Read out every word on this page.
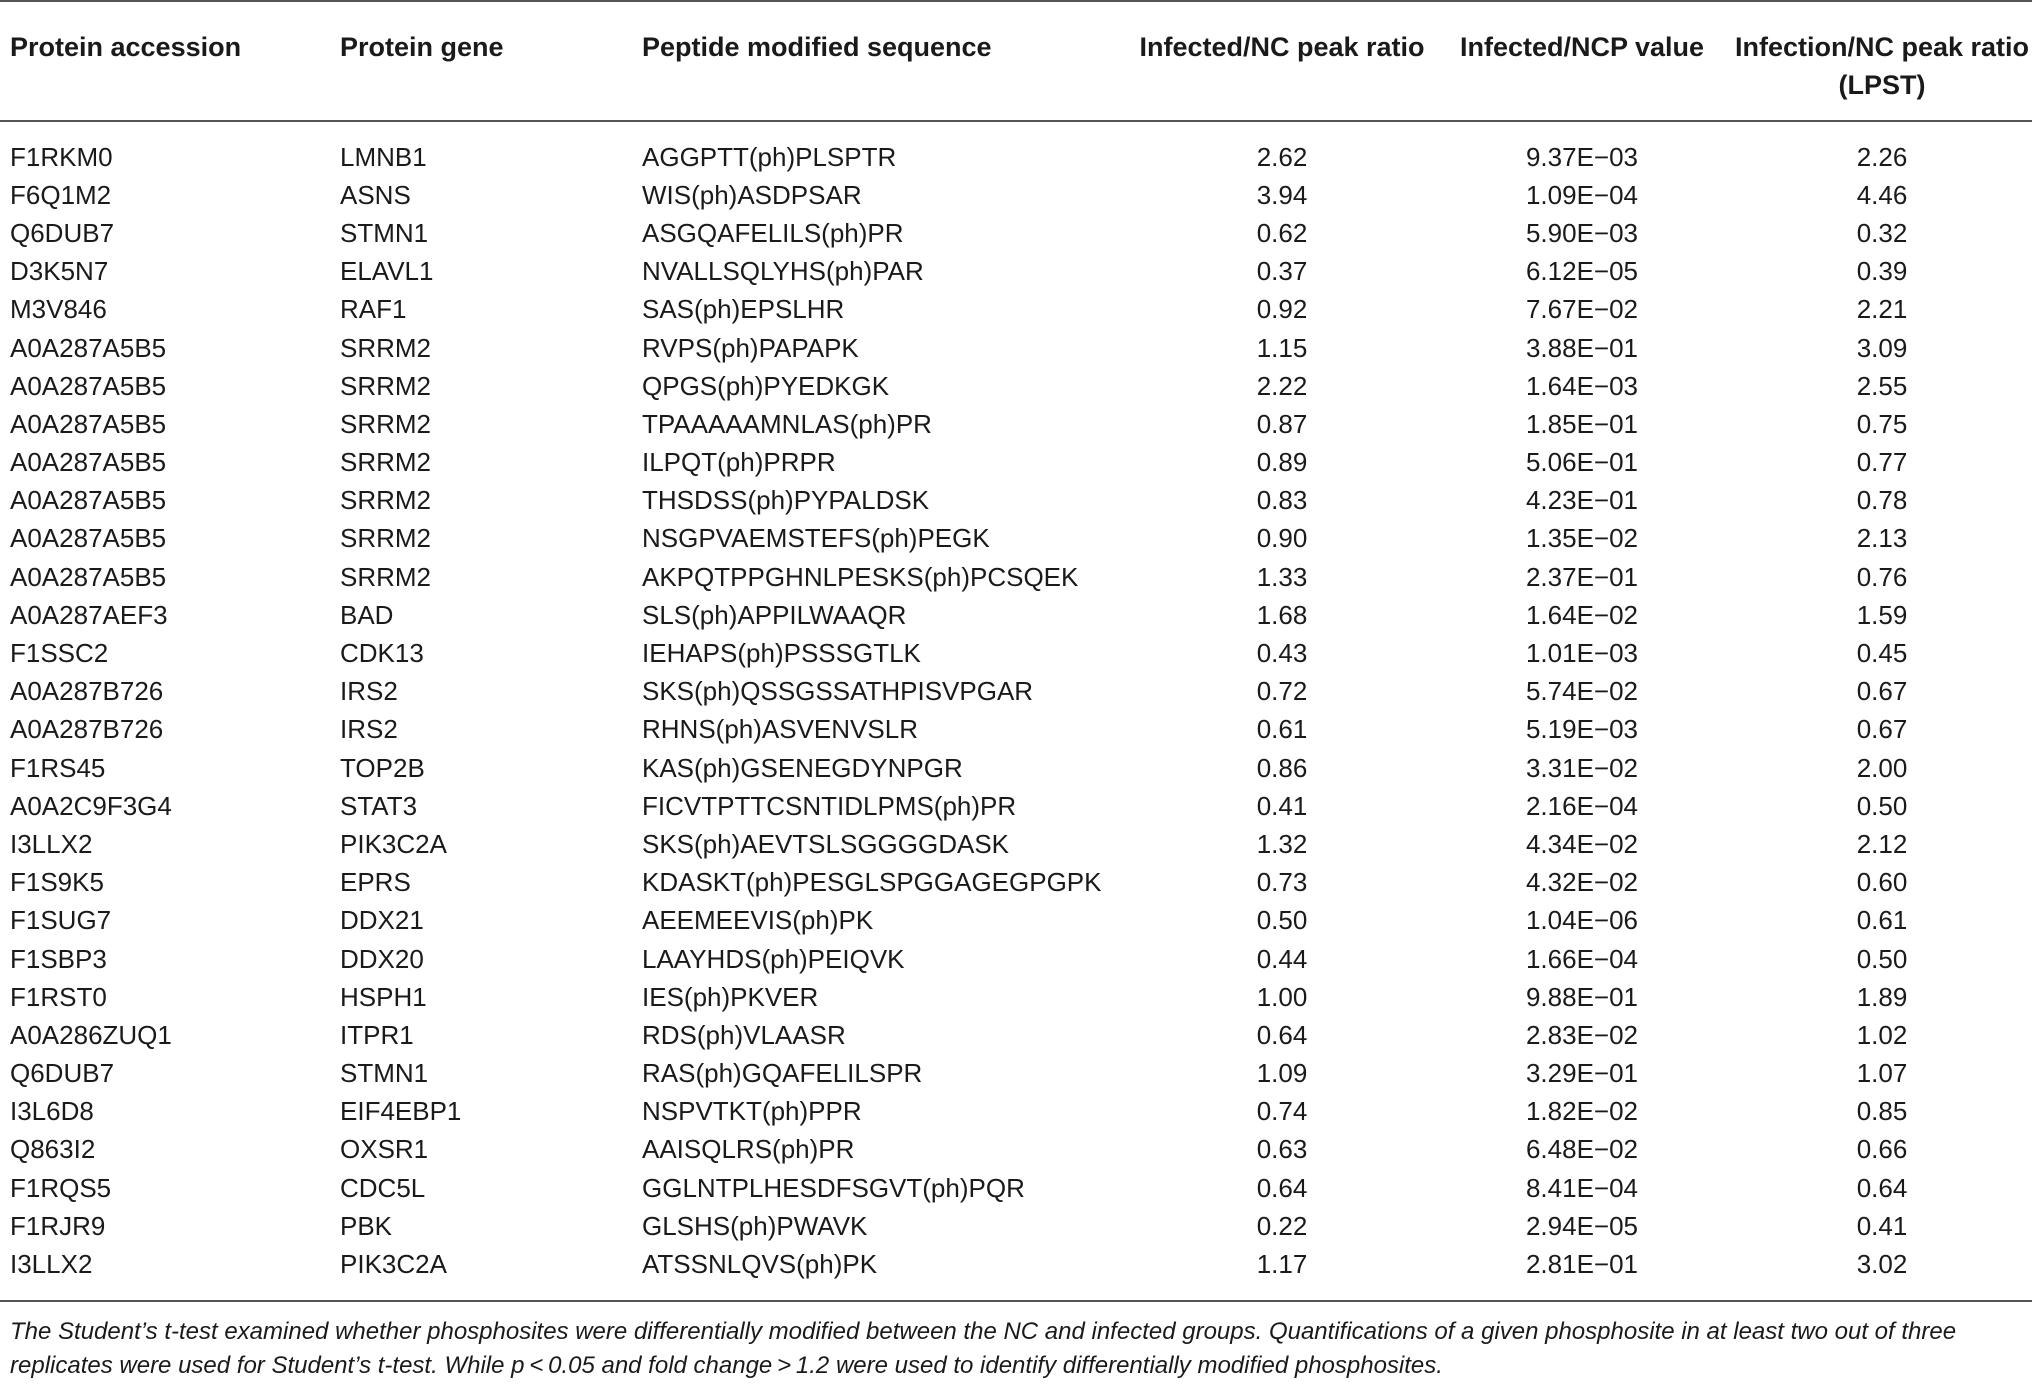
Protein accession	Protein gene	Peptide modified sequence	Infected/NC peak ratio	Infected/NCP value	Infection/NC peak ratio (LPST)

F1RKM0	LMNB1	AGGPTT(ph)PLSPTR	2.62	9.37E−03	2.26
F6Q1M2	ASNS	WIS(ph)ASDPSAR	3.94	1.09E−04	4.46
Q6DUB7	STMN1	ASGQAFELILS(ph)PR	0.62	5.90E−03	0.32
D3K5N7	ELAVL1	NVALLSQLYHS(ph)PAR	0.37	6.12E−05	0.39
M3V846	RAF1	SAS(ph)EPSLHR	0.92	7.67E−02	2.21
A0A287A5B5	SRRM2	RVPS(ph)PAPAPK	1.15	3.88E−01	3.09
A0A287A5B5	SRRM2	QPGS(ph)PYEDKGK	2.22	1.64E−03	2.55
A0A287A5B5	SRRM2	TPAAAAAMNLAS(ph)PR	0.87	1.85E−01	0.75
A0A287A5B5	SRRM2	ILPQT(ph)PRPR	0.89	5.06E−01	0.77
A0A287A5B5	SRRM2	THSDSS(ph)PYPALDSK	0.83	4.23E−01	0.78
A0A287A5B5	SRRM2	NSGPVAEMSTEFS(ph)PEGK	0.90	1.35E−02	2.13
A0A287A5B5	SRRM2	AKPQTPPGHNLPESKS(ph)PCSQEK	1.33	2.37E−01	0.76
A0A287AEF3	BAD	SLS(ph)APPILWAAQR	1.68	1.64E−02	1.59
F1SSC2	CDK13	IEHAPS(ph)PSSSGTLK	0.43	1.01E−03	0.45
A0A287B726	IRS2	SKS(ph)QSSGSSATHPISVPGAR	0.72	5.74E−02	0.67
A0A287B726	IRS2	RHNS(ph)ASVENVSLR	0.61	5.19E−03	0.67
F1RS45	TOP2B	KAS(ph)GSENEGDYNPGR	0.86	3.31E−02	2.00
A0A2C9F3G4	STAT3	FICVTPTTCSNTIDLPMS(ph)PR	0.41	2.16E−04	0.50
I3LLX2	PIK3C2A	SKS(ph)AEVTSLSGGGGDASK	1.32	4.34E−02	2.12
F1S9K5	EPRS	KDASKT(ph)PESGLSPGGAGEGPGPK	0.73	4.32E−02	0.60
F1SUG7	DDX21	AEEMEEVIS(ph)PK	0.50	1.04E−06	0.61
F1SBP3	DDX20	LAAYHDS(ph)PEIQVK	0.44	1.66E−04	0.50
F1RST0	HSPH1	IES(ph)PKVER	1.00	9.88E−01	1.89
A0A286ZUQ1	ITPR1	RDS(ph)VLAASR	0.64	2.83E−02	1.02
Q6DUB7	STMN1	RAS(ph)GQAFELILSPR	1.09	3.29E−01	1.07
I3L6D8	EIF4EBP1	NSPVTKT(ph)PPR	0.74	1.82E−02	0.85
Q863I2	OXSR1	AAISQLRS(ph)PR	0.63	6.48E−02	0.66
F1RQS5	CDC5L	GGLNTPLHESDFSGVT(ph)PQR	0.64	8.41E−04	0.64
F1RJR9	PBK	GLSHS(ph)PWAVK	0.22	2.94E−05	0.41
I3LLX2	PIK3C2A	ATSSNLQVS(ph)PK	1.17	2.81E−01	3.02
The Student’s t-test examined whether phosphosites were differentially modified between the NC and infected groups. Quantifications of a given phosphosite in at least two out of three replicates were used for Student’s t-test. While p < 0.05 and fold change > 1.2 were used to identify differentially modified phosphosites.
